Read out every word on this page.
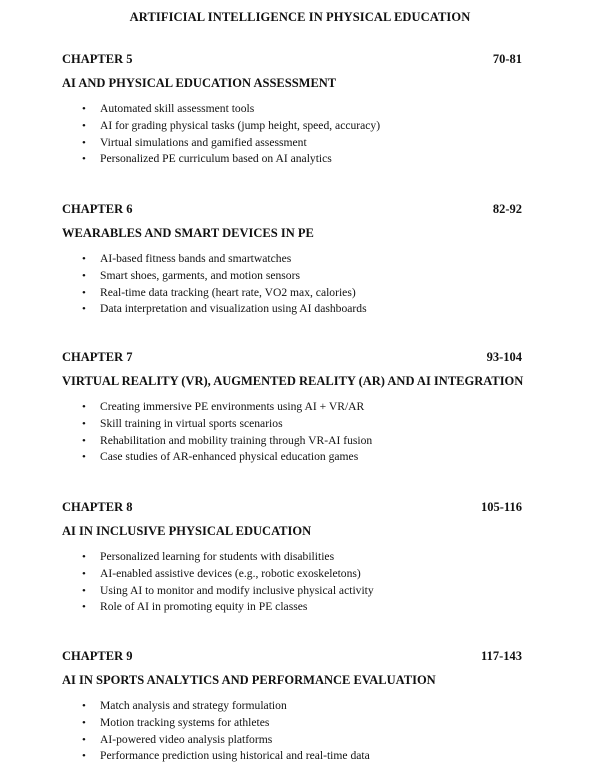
ARTIFICIAL INTELLIGENCE IN PHYSICAL EDUCATION
CHAPTER 5	70-81
AI AND PHYSICAL EDUCATION ASSESSMENT
• Automated skill assessment tools
• AI for grading physical tasks (jump height, speed, accuracy)
• Virtual simulations and gamified assessment
• Personalized PE curriculum based on AI analytics
CHAPTER 6	82-92
WEARABLES AND SMART DEVICES IN PE
• AI-based fitness bands and smartwatches
• Smart shoes, garments, and motion sensors
• Real-time data tracking (heart rate, VO2 max, calories)
• Data interpretation and visualization using AI dashboards
CHAPTER 7	93-104
VIRTUAL REALITY (VR), AUGMENTED REALITY (AR) AND AI INTEGRATION
• Creating immersive PE environments using AI + VR/AR
• Skill training in virtual sports scenarios
• Rehabilitation and mobility training through VR-AI fusion
• Case studies of AR-enhanced physical education games
CHAPTER 8	105-116
AI IN INCLUSIVE PHYSICAL EDUCATION
• Personalized learning for students with disabilities
• AI-enabled assistive devices (e.g., robotic exoskeletons)
• Using AI to monitor and modify inclusive physical activity
• Role of AI in promoting equity in PE classes
CHAPTER 9	117-143
AI IN SPORTS ANALYTICS AND PERFORMANCE EVALUATION
• Match analysis and strategy formulation
• Motion tracking systems for athletes
• AI-powered video analysis platforms
• Performance prediction using historical and real-time data
